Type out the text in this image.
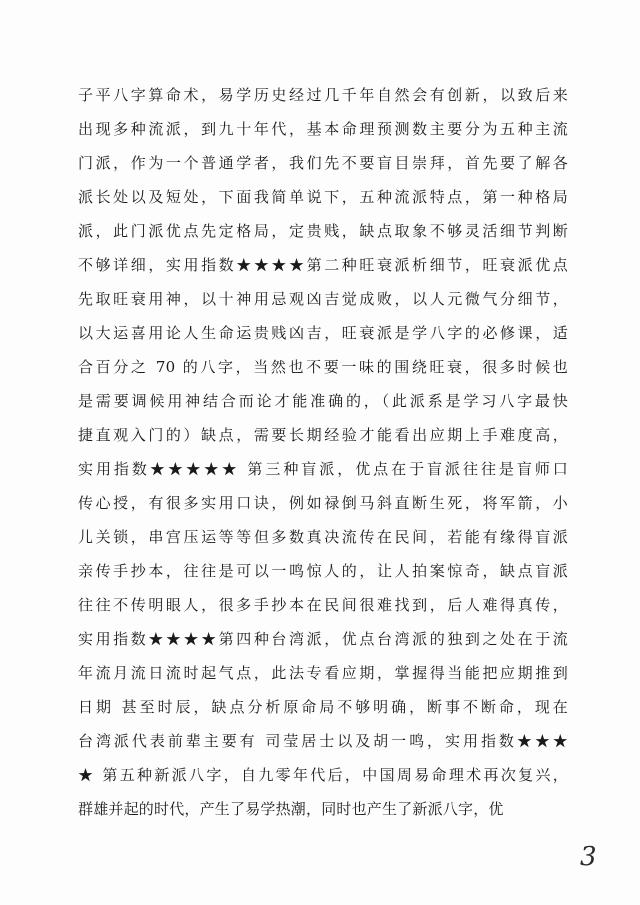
子平八字算命术，易学历史经过几千年自然会有创新，以致后来
出现多种流派，到九十年代，基本命理预测数主要分为五种主流
门派，作为一个普通学者，我们先不要盲目崇拜，首先要了解各
派长处以及短处，下面我简单说下，五种流派特点，第一种格局
派，此门派优点先定格局，定贵贱，缺点取象不够灵活细节判断
不够详细，实用指数★★★★第二种旺衰派析细节，旺衰派优点
先取旺衰用神，以十神用忌观凶吉觉成败，以人元微气分细节，
以大运喜用论人生命运贵贱凶吉，旺衰派是学八字的必修课，适
合百分之 70 的八字，当然也不要一味的围绕旺衰，很多时候也
是需要调候用神结合而论才能准确的，（此派系是学习八字最快
捷直观入门的）缺点，需要长期经验才能看出应期上手难度高，
实用指数★★★★★ 第三种盲派，优点在于盲派往往是盲师口
传心授，有很多实用口诀，例如禄倒马斜直断生死，将军箭，小
儿关锁，串宫压运等等但多数真决流传在民间，若能有缘得盲派
亲传手抄本，往往是可以一鸣惊人的，让人拍案惊奇，缺点盲派
往往不传明眼人，很多手抄本在民间很难找到，后人难得真传，
实用指数★★★★第四种台湾派，优点台湾派的独到之处在于流
年流月流日流时起气点，此法专看应期，掌握得当能把应期推到
日期 甚至时辰，缺点分析原命局不够明确，断事不断命，现在
台湾派代表前辈主要有 司莹居士以及胡一鸣，实用指数★★★
★ 第五种新派八字，自九零年代后，中国周易命理术再次复兴，
群雄并起的时代，产生了易学热潮，同时也产生了新派八字，优
3
